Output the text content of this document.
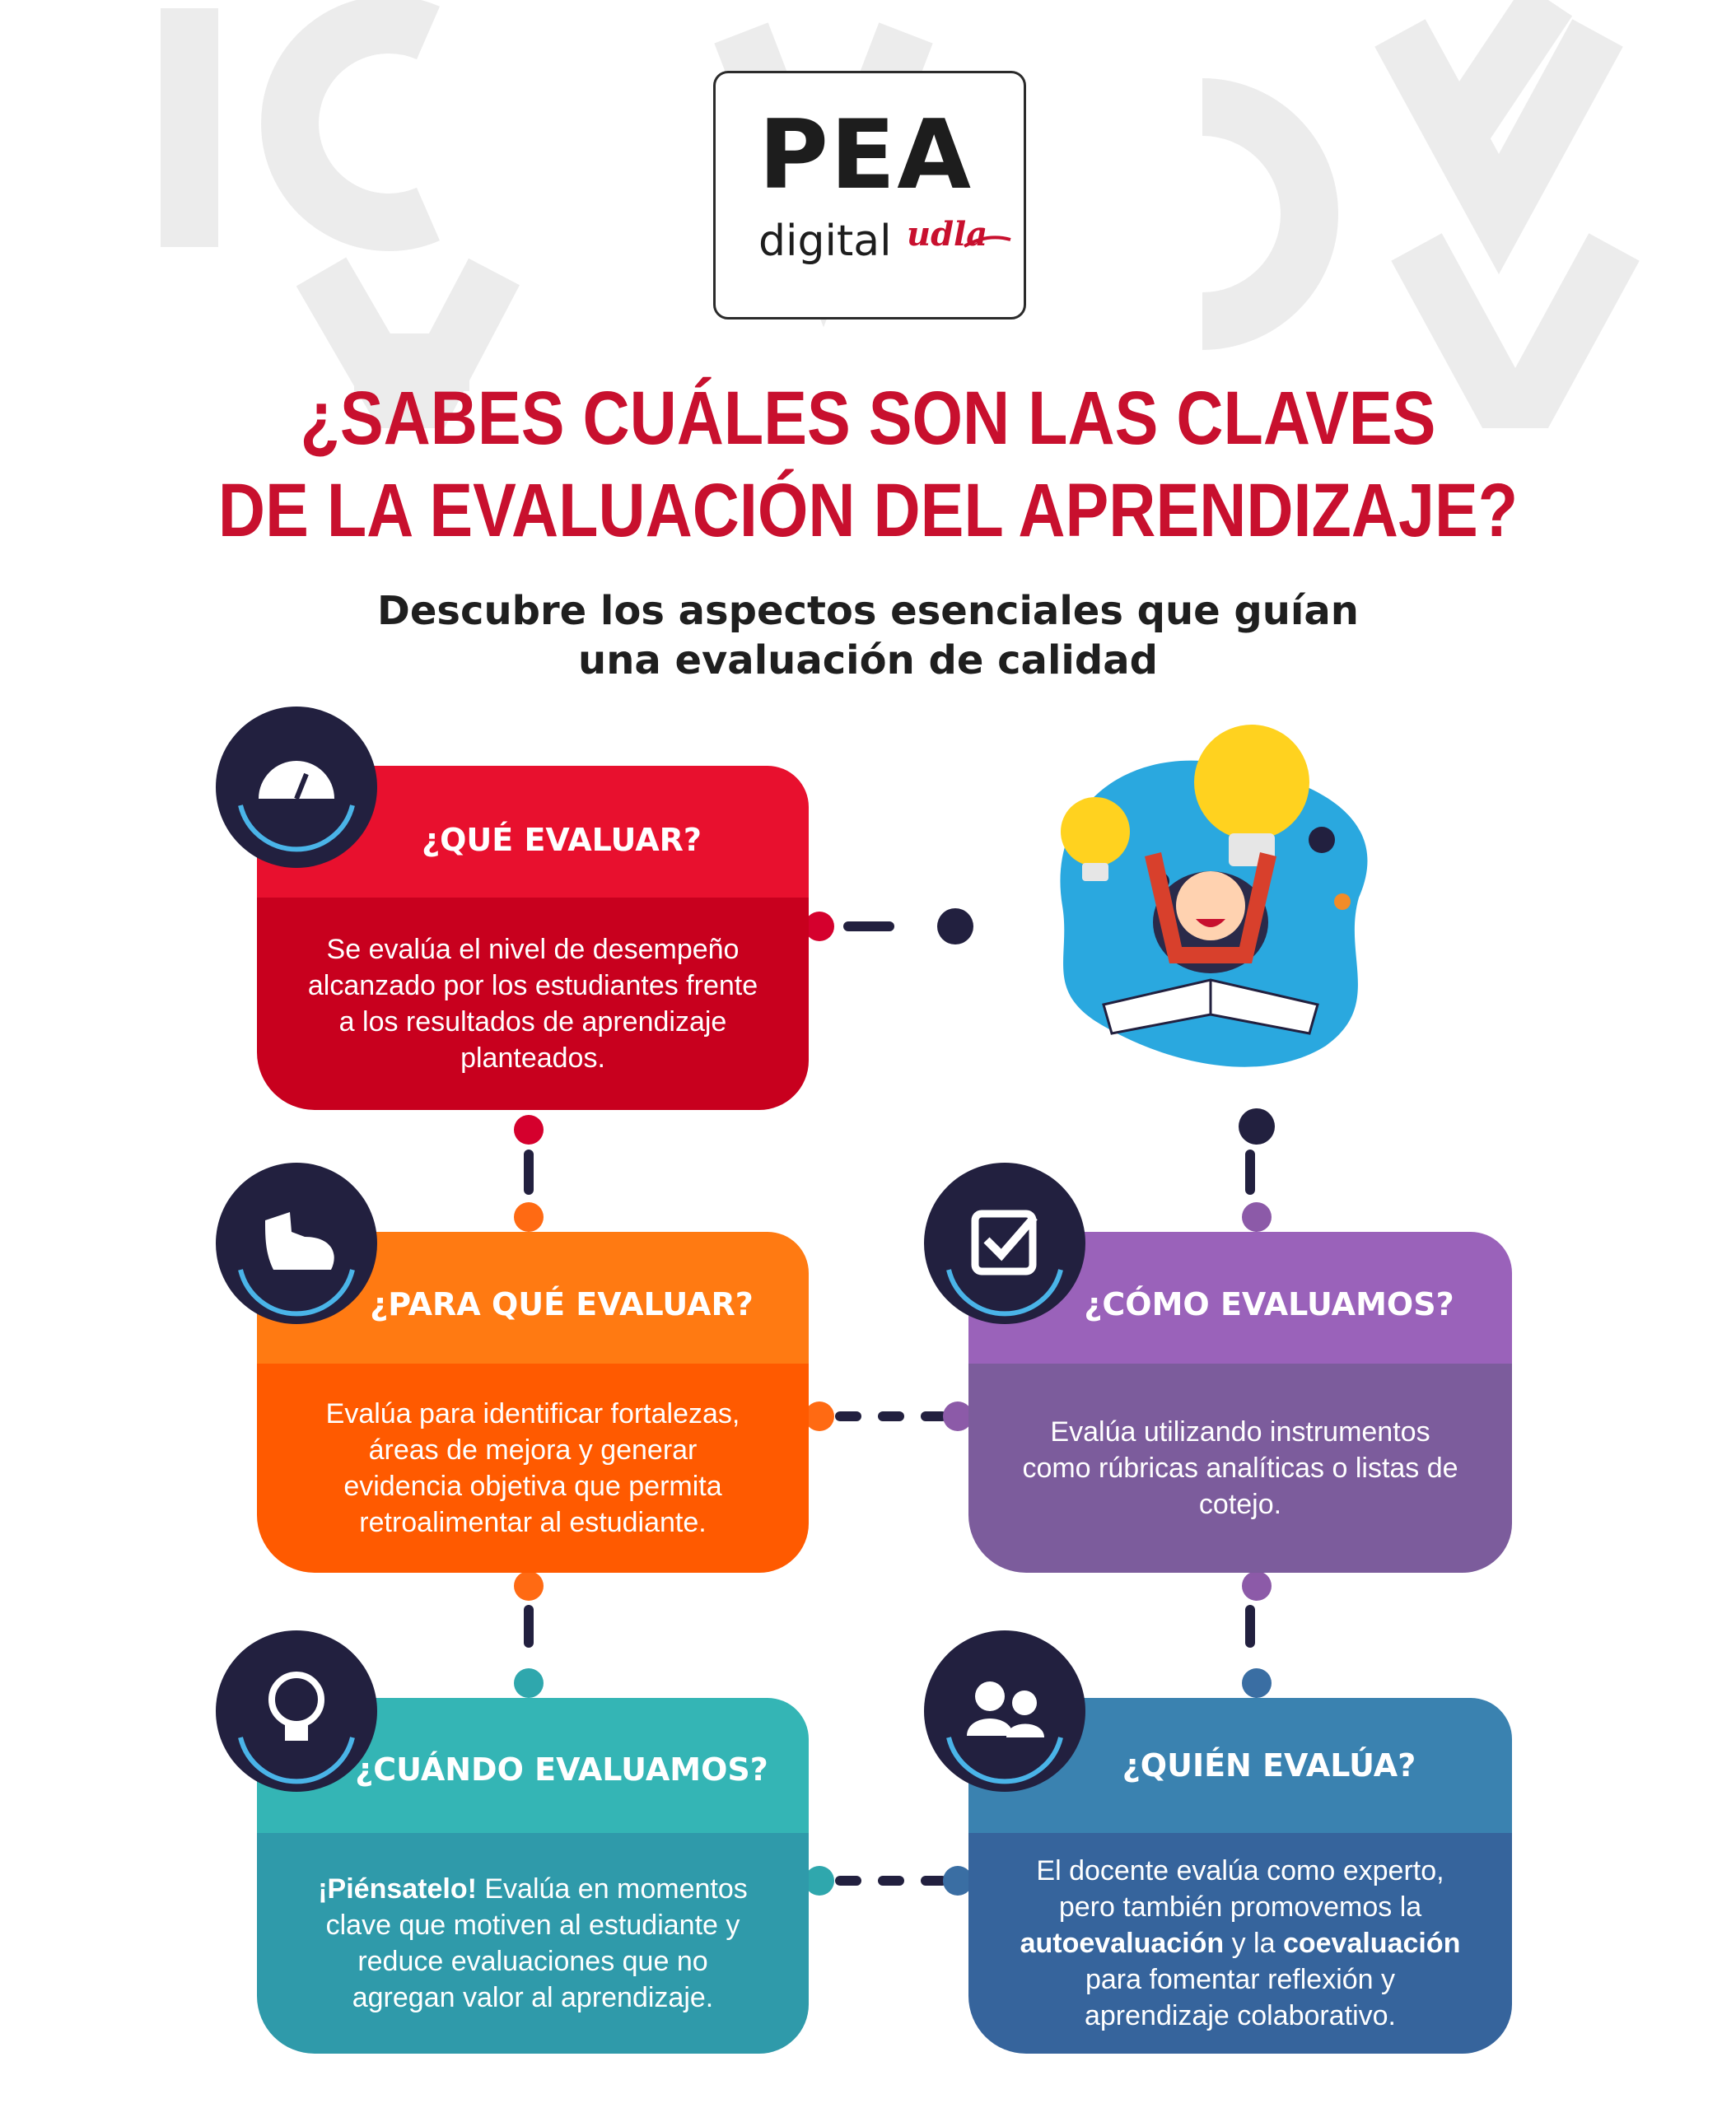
PEA
digital udla
¿SABES CUÁLES SON LAS CLAVES
DE LA EVALUACIÓN DEL APRENDIZAJE?
Descubre los aspectos esenciales que guían
una evaluación de calidad
¿QUÉ EVALUAR?
Se evalúa el nivel de desempeño alcanzado por los estudiantes frente a los resultados de aprendizaje planteados.
¿PARA QUÉ EVALUAR?
Evalúa para identificar fortalezas, áreas de mejora y generar evidencia objetiva que permita retroalimentar al estudiante.
¿CÓMO EVALUAMOS?
Evalúa utilizando instrumentos como rúbricas analíticas o listas de cotejo.
¿CUÁNDO EVALUAMOS?
¡Piénsatelo! Evalúa en momentos clave que motiven al estudiante y reduce evaluaciones que no agregan valor al aprendizaje.
¿QUIÉN EVALÚA?
El docente evalúa como experto, pero también promovemos la autoevaluación y la coevaluación para fomentar reflexión y aprendizaje colaborativo.
